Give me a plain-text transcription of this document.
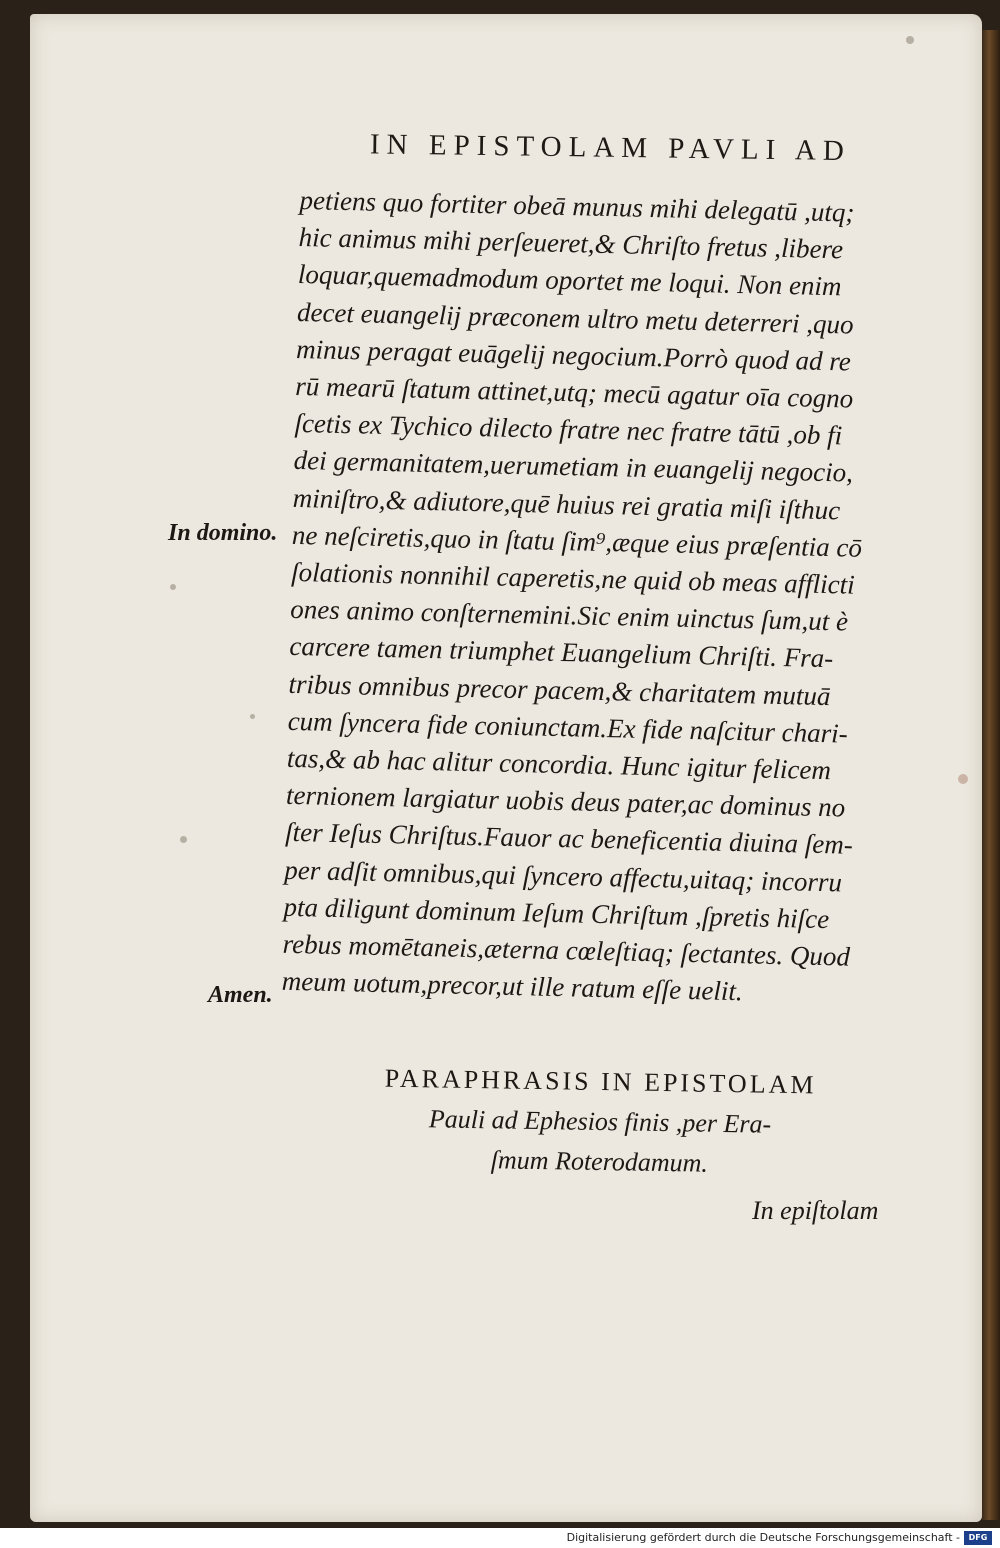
IN EPISTOLAM PAVLI AD
petiens quo fortiter obeā munus mihi delegatū ,utq;
hic animus mihi perſeueret,& Chriſto fretus ,libere
loquar,quemadmodum oportet me loqui. Non enim
decet euangelij præconem ultro metu deterreri ,quo
minus peragat euāgelij negocium.Porrò quod ad re
rū mearū ſtatum attinet,utq; mecū agatur oīa cogno
ſcetis ex Tychico dilecto fratre nec fratre tātū ,ob fi
dei germanitatem,uerumetiam in euangelij negocio,
miniſtro,& adiutore,quē huius rei gratia miſi iſthuc
ne neſciretis,quo in ſtatu ſim⁹,æque eius præſentia cō
ſolationis nonnihil caperetis,ne quid ob meas afflicti
ones animo conſternemini.Sic enim uinctus ſum,ut è
carcere tamen triumphet Euangelium Chriſti. Fra-
tribus omnibus precor pacem,& charitatem mutuā
cum ſyncera fide coniunctam.Ex fide naſcitur chari-
tas,& ab hac alitur concordia. Hunc igitur felicem
ternionem largiatur uobis deus pater,ac dominus no
ſter Ieſus Chriſtus.Fauor ac beneficentia diuina ſem-
per adſit omnibus,qui ſyncero affectu,uitaq; incorru
pta diligunt dominum Ieſum Chriſtum ,ſpretis hiſce
rebus momētaneis,æterna cœleſtiaq; ſectantes. Quod
meum uotum,precor,ut ille ratum eſſe uelit.
In domino.
Amen.
PARAPHRASIS IN EPISTOLAM
Pauli ad Ephesios finis ,per Era-
ſmum Roterodamum.
In epiſtolam
Digitalisierung gefördert durch die Deutsche Forschungsgemeinschaft -	DFG
